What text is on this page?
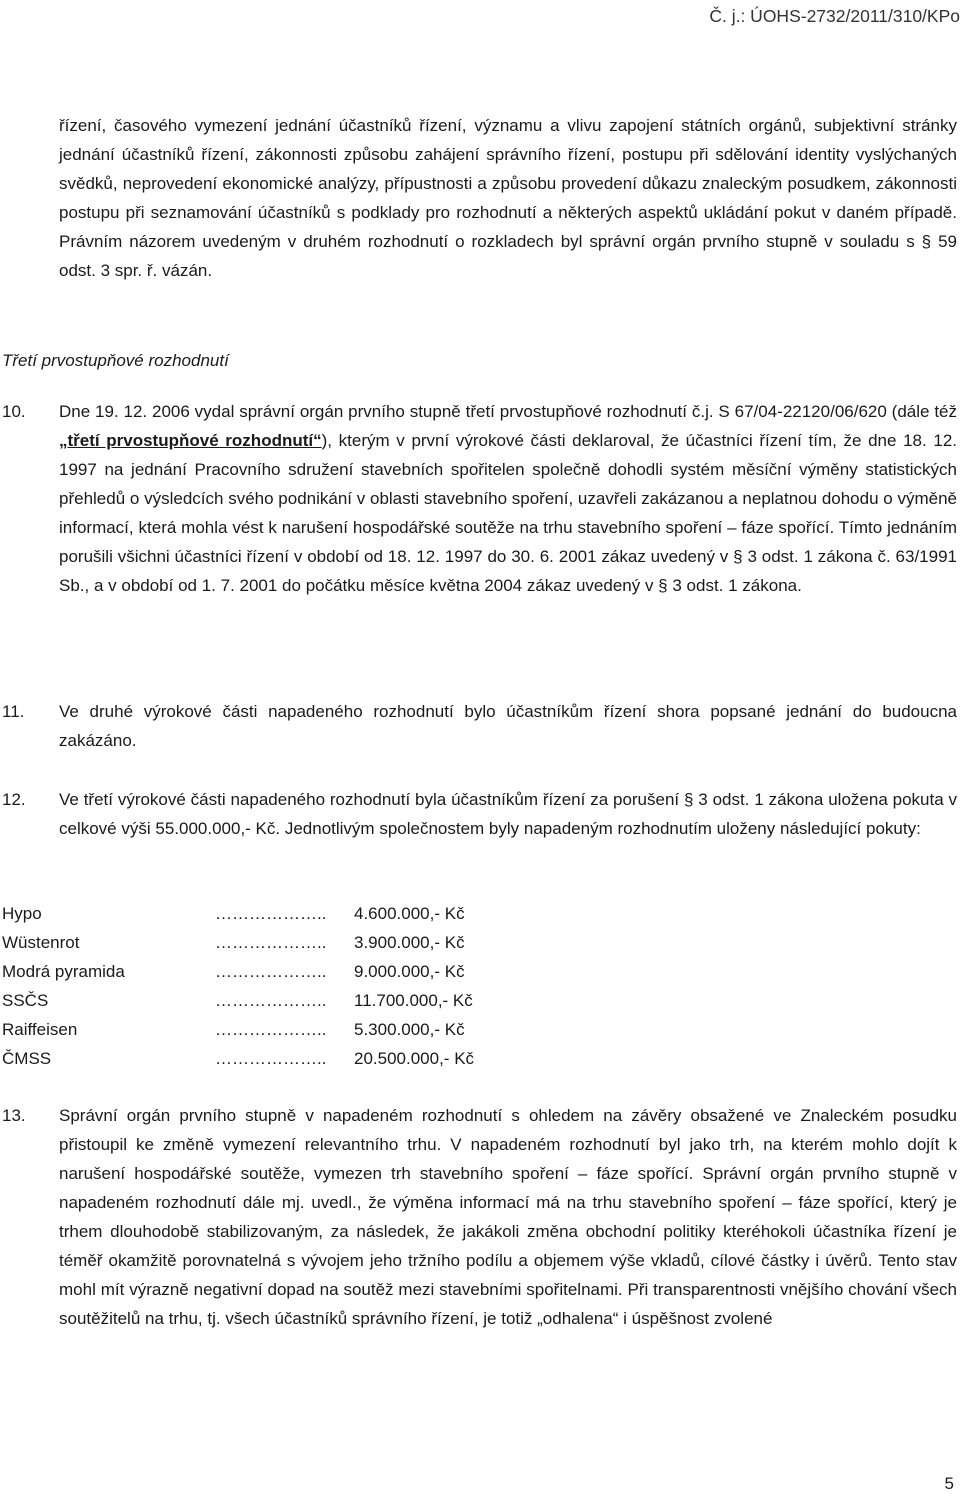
Č. j.: ÚOHS-2732/2011/310/KPo

řízení, časového vymezení jednání účastníků řízení, významu a vlivu zapojení státních orgánů, subjektivní stránky jednání účastníků řízení, zákonnosti způsobu zahájení správního řízení, postupu při sdělování identity vyslýchaných svědků, neprovedení ekonomické analýzy, přípustnosti a způsobu provedení důkazu znaleckým posudkem, zákonnosti postupu při seznamování účastníků s podklady pro rozhodnutí a některých aspektů ukládání pokut v daném případě. Právním názorem uvedeným v druhém rozhodnutí o rozkladech byl správní orgán prvního stupně v souladu s § 59 odst. 3 spr. ř. vázán.

Třetí prvostupňové rozhodnutí

10. Dne 19. 12. 2006 vydal správní orgán prvního stupně třetí prvostupňové rozhodnutí č.j. S 67/04-22120/06/620 (dále též „třetí prvostupňové rozhodnutí“), kterým v první výrokové části deklaroval, že účastníci řízení tím, že dne 18. 12. 1997 na jednání Pracovního sdružení stavebních spořitelen společně dohodli systém měsíční výměny statistických přehledů o výsledcích svého podnikání v oblasti stavebního spoření, uzavřeli zakázanou a neplatnou dohodu o výměně informací, která mohla vést k narušení hospodářské soutěže na trhu stavebního spoření – fáze spořící. Tímto jednáním porušili všichni účastníci řízení v období od 18. 12. 1997 do 30. 6. 2001 zákaz uvedený v § 3 odst. 1 zákona č. 63/1991 Sb., a v období od 1. 7. 2001 do počátku měsíce května 2004 zákaz uvedený v § 3 odst. 1 zákona.

11. Ve druhé výrokové části napadeného rozhodnutí bylo účastníkům řízení shora popsané jednání do budoucna zakázáno.

12. Ve třetí výrokové části napadeného rozhodnutí byla účastníkům řízení za porušení § 3 odst. 1 zákona uložena pokuta v celkové výši 55.000.000,- Kč. Jednotlivým společnostem byly napadeným rozhodnutím uloženy následující pokuty:

Hypo	……………….. 4.600.000,- Kč
Wüstenrot	……………….. 3.900.000,- Kč
Modrá pyramida	……………….. 9.000.000,- Kč
SSČS	……………….. 11.700.000,- Kč
Raiffeisen	……………….. 5.300.000,- Kč
ČMSS	……………….. 20.500.000,- Kč
13. Správní orgán prvního stupně v napadeném rozhodnutí s ohledem na závěry obsažené ve Znaleckém posudku přistoupil ke změně vymezení relevantního trhu. V napadeném rozhodnutí byl jako trh, na kterém mohlo dojít k narušení hospodářské soutěže, vymezen trh stavebního spoření – fáze spořící. Správní orgán prvního stupně v napadeném rozhodnutí dále mj. uvedl., že výměna informací má na trhu stavebního spoření – fáze spořící, který je trhem dlouhodobě stabilizovaným, za následek, že jakákoli změna obchodní politiky kteréhokoli účastníka řízení je téměř okamžitě porovnatelná s vývojem jeho tržního podílu a objemem výše vkladů, cílové částky i úvěrů. Tento stav mohl mít výrazně negativní dopad na soutěž mezi stavebními spořitelnami. Při transparentnosti vnějšího chování všech soutěžitelů na trhu, tj. všech účastníků správního řízení, je totiž „odhalena“ i úspěšnost zvolené

5
